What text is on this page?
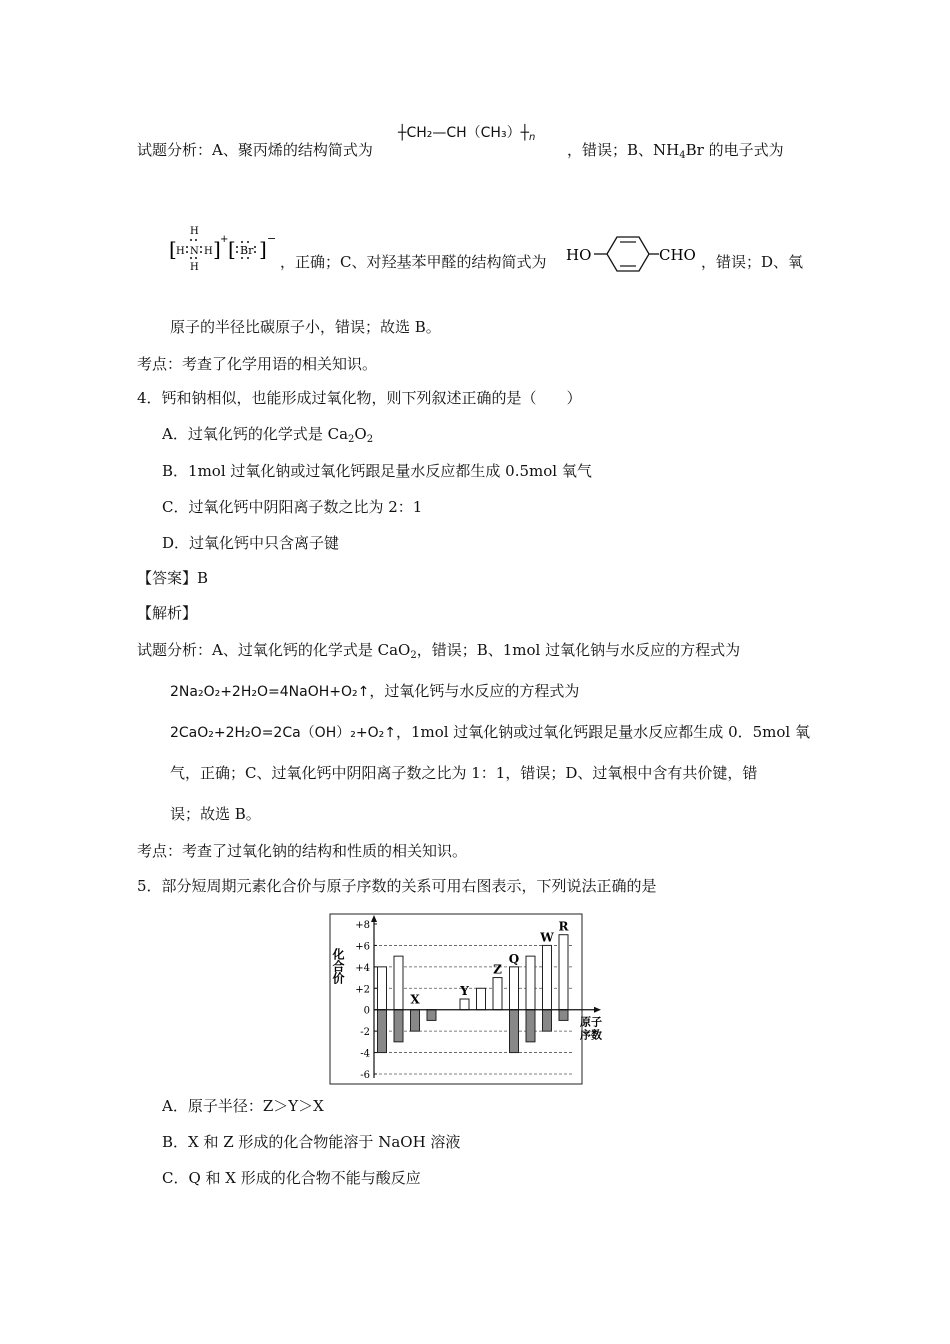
试题分析：A、聚丙烯的结构简式为
$┼CH_2—CH(CH_3)┼_n$
，错误；B、$NH_4Br$ 的电子式为
[
H
H N H
H
] + [ Br ] −
，正确；C、对羟基苯甲醛的结构简式为 HO	CHO ，错误；D、氧
原子的半径比碳原子小，错误；故选 B。
考点：考查了化学用语的相关知识。
4．钙和钠相似，也能形成过氧化物，则下列叙述正确的是（　　）
A．过氧化钙的化学式是 $Ca_2O_2$
B．1mol 过氧化钠或过氧化钙跟足量水反应都生成 0.5mol 氧气
C．过氧化钙中阴阳离子数之比为 2：1
D．过氧化钙中只含离子键
【答案】B
【解析】
试题分析：A、过氧化钙的化学式是 CaO$_2$，错误；B、1mol 过氧化钠与水反应的方程式为
2Na₂O₂+2H₂O=4NaOH+O₂↑，过氧化钙与水反应的方程式为
2CaO₂+2H₂O=2Ca（OH）₂+O₂↑，1mol 过氧化钠或过氧化钙跟足量水反应都生成 0．5mol 氧
气，正确；C、过氧化钙中阴阳离子数之比为 1：1，错误；D、过氧根中含有共价键，错
误；故选 B。
考点：考查了过氧化钠的结构和性质的相关知识。
5．部分短周期元素化合价与原子序数的关系可用右图表示，下列说法正确的是
+8
+6
+4
+2
0
-2
-4
-6
原子
序数
X
Y
Z
Q
W
R
化合价
A．原子半径：Z＞Y＞X
B．X 和 Z 形成的化合物能溶于 NaOH 溶液
C．Q 和 X 形成的化合物不能与酸反应
